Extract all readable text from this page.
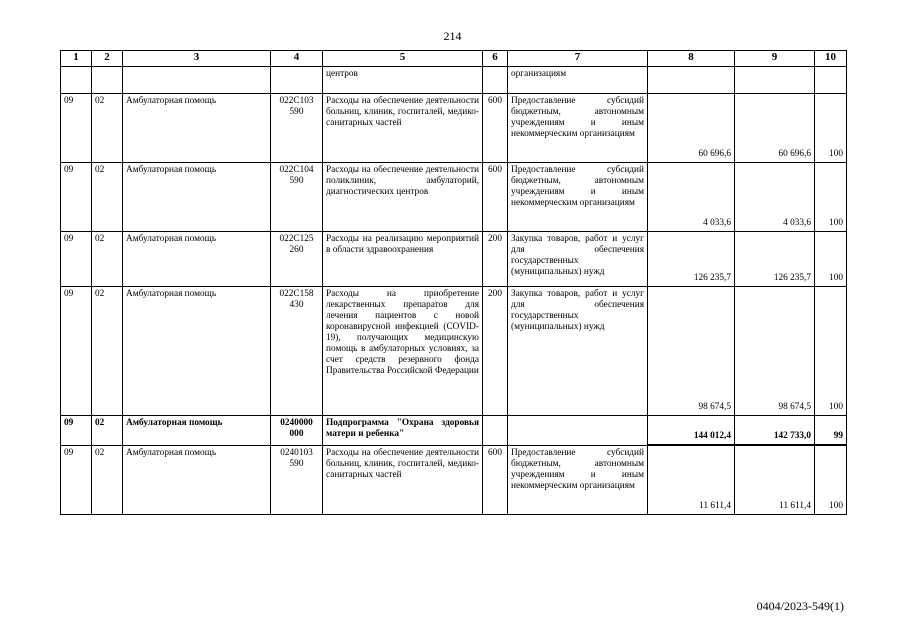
214
1	2	3	4	5	6	7	8	9	10
				центров		организациям			
09	02	Амбулаторная помощь	022С103 590	Расходы на обеспечение деятельности больниц, клиник, госпиталей, медико-санитарных частей	600	Предоставление субсидий бюджетным, автономным учреждениям и иным некоммерческим организациям	60 696,6	60 696,6	100
09	02	Амбулаторная помощь	022С104 590	Расходы на обеспечение деятельности поликлиник, амбулаторий, диагностических центров	600	Предоставление субсидий бюджетным, автономным учреждениям и иным некоммерческим организациям	4 033,6	4 033,6	100
09	02	Амбулаторная помощь	022С125 260	Расходы на реализацию мероприятий в области здравоохранения	200	Закупка товаров, работ и услуг для обеспечения государственных (муниципальных) нужд	126 235,7	126 235,7	100
09	02	Амбулаторная помощь	022С158 430	Расходы на приобретение лекарственных препаратов для лечения пациентов с новой коронавирусной инфекцией (COVID-19), получающих медицинскую помощь в амбулаторных условиях, за счет средств резервного фонда Правительства Российской Федерации	200	Закупка товаров, работ и услуг для обеспечения государственных (муниципальных) нужд	98 674,5	98 674,5	100
09	02	Амбулаторная помощь	0240000 000	Подпрограмма "Охрана здоровья матери и ребенка"			144 012,4	142 733,0	99
09	02	Амбулаторная помощь	0240103 590	Расходы на обеспечение деятельности больниц, клиник, госпиталей, медико-санитарных частей	600	Предоставление субсидий бюджетным, автономным учреждениям и иным некоммерческим организациям	11 611,4	11 611,4	100
0404/2023-549(1)
